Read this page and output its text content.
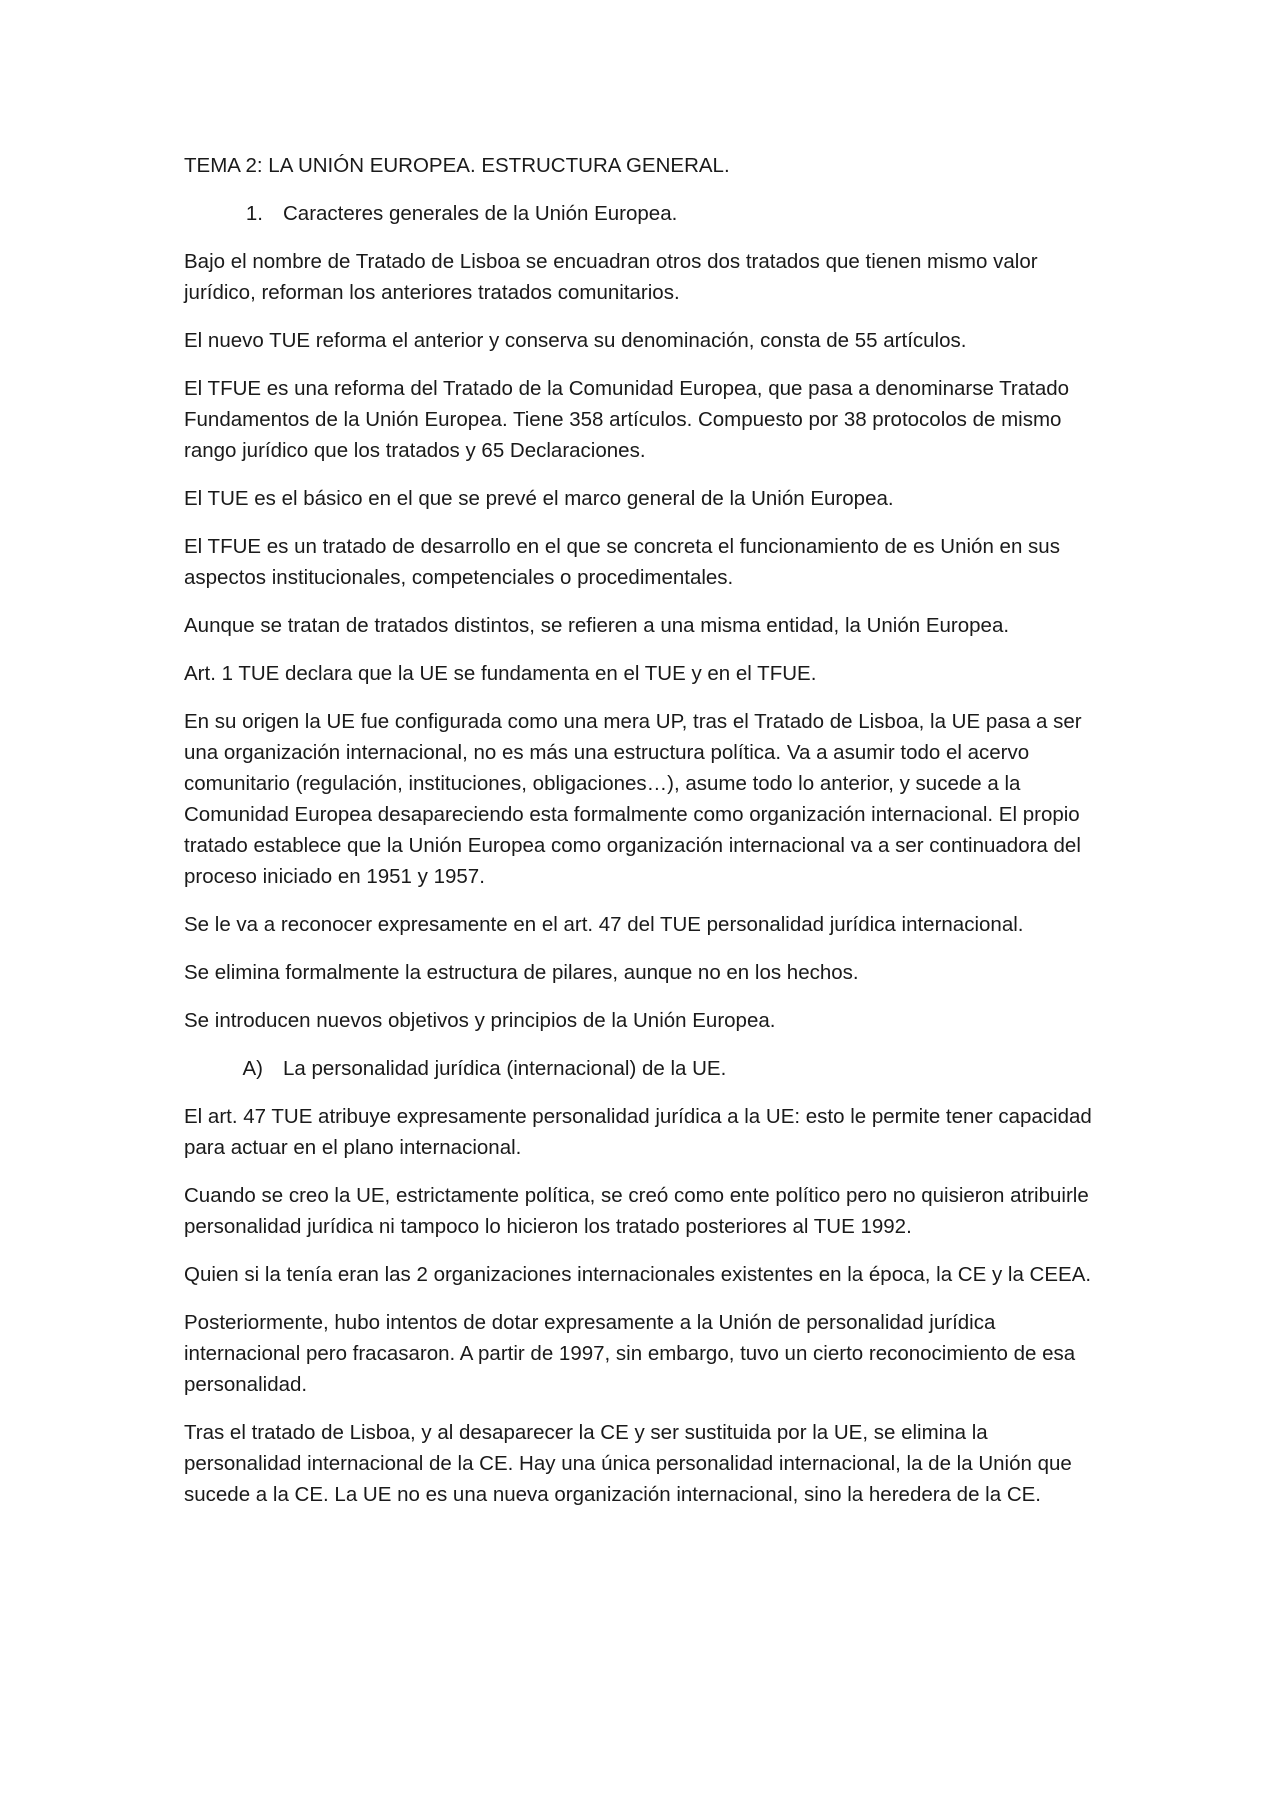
TEMA 2: LA UNIÓN EUROPEA. ESTRUCTURA GENERAL.

1. Caracteres generales de la Unión Europea.

Bajo el nombre de Tratado de Lisboa se encuadran otros dos tratados que tienen mismo valor jurídico, reforman los anteriores tratados comunitarios.

El nuevo TUE reforma el anterior y conserva su denominación, consta de 55 artículos.

El TFUE es una reforma del Tratado de la Comunidad Europea, que pasa a denominarse Tratado Fundamentos de la Unión Europea. Tiene 358 artículos. Compuesto por 38 protocolos de mismo rango jurídico que los tratados y 65 Declaraciones.

El TUE es el básico en el que se prevé el marco general de la Unión Europea.

El TFUE es un tratado de desarrollo en el que se concreta el funcionamiento de es Unión en sus aspectos institucionales, competenciales o procedimentales.

Aunque se tratan de tratados distintos, se refieren a una misma entidad, la Unión Europea.

Art. 1 TUE declara que la UE se fundamenta en el TUE y en el TFUE.

En su origen la UE fue configurada como una mera UP, tras el Tratado de Lisboa, la UE pasa a ser una organización internacional, no es más una estructura política. Va a asumir todo el acervo comunitario (regulación, instituciones, obligaciones…), asume todo lo anterior, y sucede a la Comunidad Europea desapareciendo esta formalmente como organización internacional. El propio tratado establece que la Unión Europea como organización internacional va a ser continuadora del proceso iniciado en 1951 y 1957.

Se le va a reconocer expresamente en el art. 47 del TUE personalidad jurídica internacional.

Se elimina formalmente la estructura de pilares, aunque no en los hechos.

Se introducen nuevos objetivos y principios de la Unión Europea.

A) La personalidad jurídica (internacional) de la UE.

El art. 47 TUE atribuye expresamente personalidad jurídica a la UE: esto le permite tener capacidad para actuar en el plano internacional.

Cuando se creo la UE, estrictamente política, se creó como ente político pero no quisieron atribuirle personalidad jurídica ni tampoco lo hicieron los tratado posteriores al TUE 1992.

Quien si la tenía eran las 2 organizaciones internacionales existentes en la época, la CE y la CEEA.

Posteriormente, hubo intentos de dotar expresamente a la Unión de personalidad jurídica internacional pero fracasaron. A partir de 1997, sin embargo, tuvo un cierto reconocimiento de esa personalidad.

Tras el tratado de Lisboa, y al desaparecer la CE y ser sustituida por la UE, se elimina la personalidad internacional de la CE. Hay una única personalidad internacional, la de la Unión que sucede a la CE. La UE no es una nueva organización internacional, sino la heredera de la CE.
